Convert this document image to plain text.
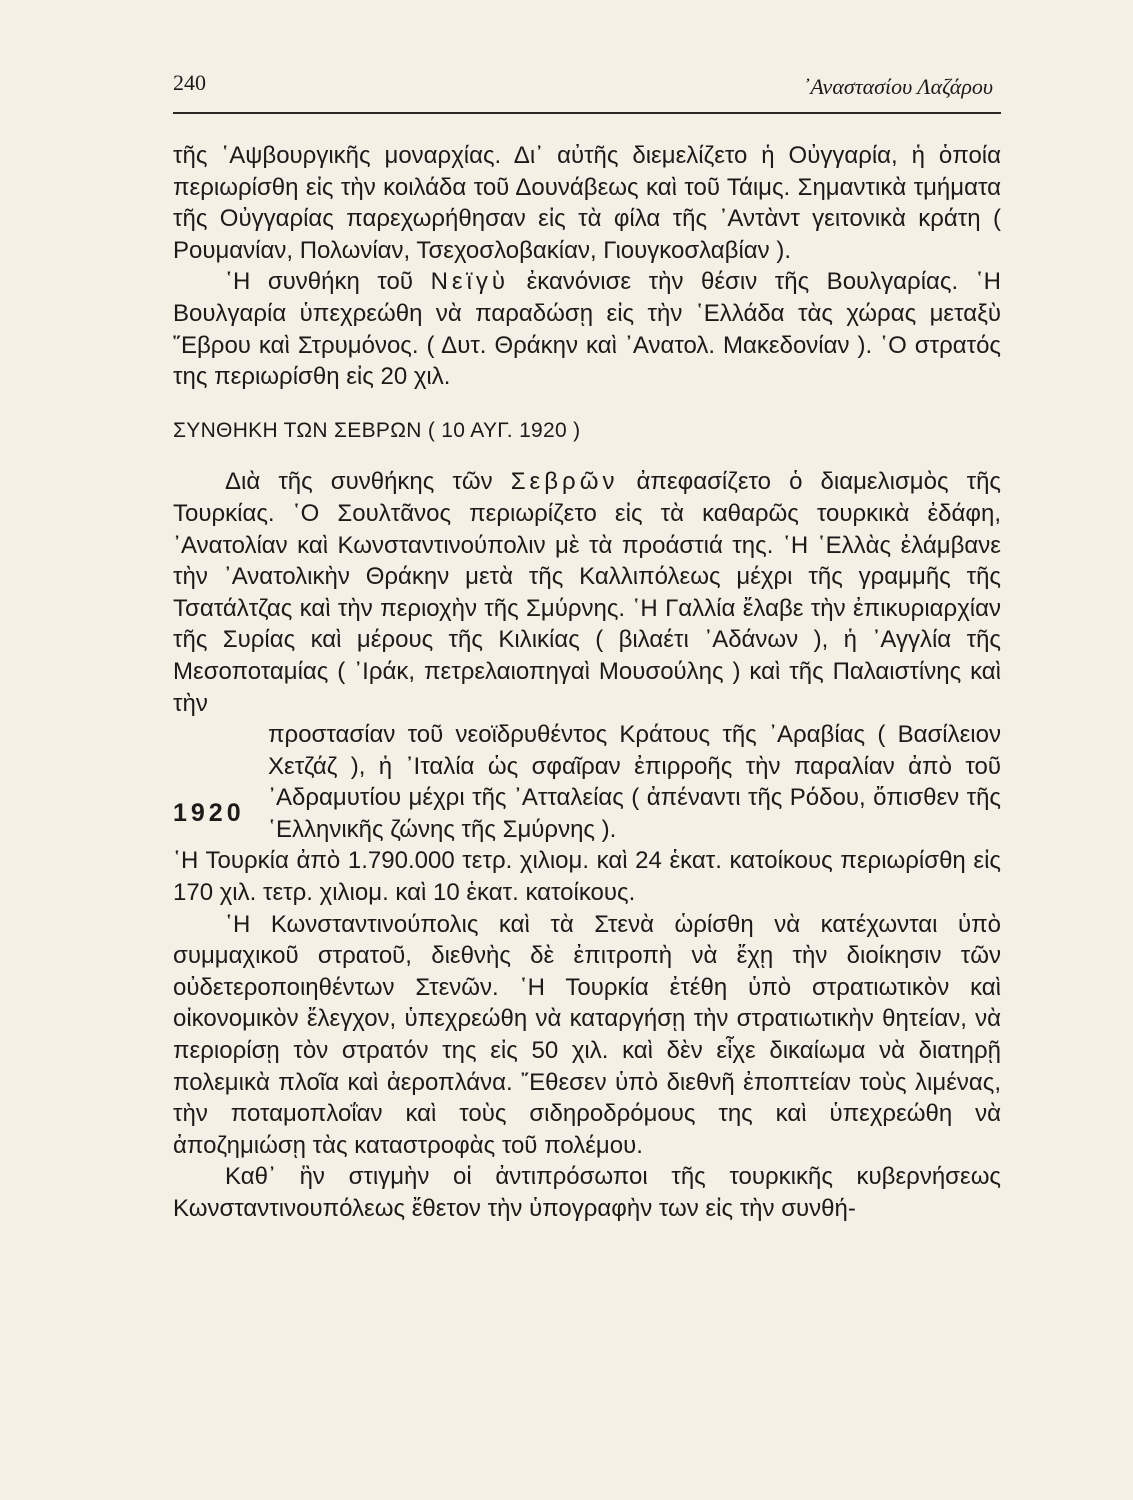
240	᾿Αναστασίου Λαζάρου

τῆς ῾Αψβουργικῆς μοναρχίας. Δι᾿ αὐτῆς διεμελίζετο ἡ Οὐγγαρία, ἡ ὁποία περιωρίσθη εἰς τὴν κοιλάδα τοῦ Δουνάβεως καὶ τοῦ Τάιμς. Σημαντικὰ τμήματα τῆς Οὐγγαρίας παρεχωρήθησαν εἰς τὰ φίλα τῆς ᾿Αντὰντ γειτονικὰ κράτη ( Ρουμανίαν, Πολωνίαν, Τσεχοσλοβακίαν, Γιουγκοσλαβίαν ).

῾Η συνθήκη τοῦ Νεϊγὺ ἐκανόνισε τὴν θέσιν τῆς Βουλγαρίας. ῾Η Βουλγαρία ὑπεχρεώθη νὰ παραδώσῃ εἰς τὴν ῾Ελλάδα τὰς χώρας μεταξὺ ῞Εβρου καὶ Στρυμόνος. ( Δυτ. Θράκην καὶ ᾿Ανατολ. Μακεδονίαν ). ῾Ο στρατός της περιωρίσθη εἰς 20 χιλ.

ΣΥΝΘΗΚΗ ΤΩΝ ΣΕΒΡΩΝ ( 10 ΑΥΓ. 1920 )

Διὰ τῆς συνθήκης τῶν Σεβρῶν ἀπεφασίζετο ὁ διαμελισμὸς τῆς Τουρκίας. ῾Ο Σουλτᾶνος περιωρίζετο εἰς τὰ καθαρῶς τουρκικὰ ἐδάφη, ᾿Ανατολίαν καὶ Κωνσταντινούπολιν μὲ τὰ προάστιά της. ῾Η ῾Ελλὰς ἐλάμβανε τὴν ᾿Ανατολικὴν Θράκην μετὰ τῆς Καλλιπόλεως μέχρι τῆς γραμμῆς τῆς Τσατάλτζας καὶ τὴν περιοχὴν τῆς Σμύρνης. ῾Η Γαλλία ἔλαβε τὴν ἐπικυριαρχίαν τῆς Συρίας καὶ μέρους τῆς Κιλικίας ( βιλαέτι ᾿Αδάνων ), ἡ ᾿Αγγλία τῆς Μεσοποταμίας ( ᾿Ιράκ, πετρελαιοπηγαὶ Μουσούλης ) καὶ τῆς Παλαιστίνης καὶ τὴν

1920

προστασίαν τοῦ νεοϊδρυθέντος Κράτους τῆς ᾿Αραβίας ( Βασίλειον Χετζάζ ), ἡ ᾿Ιταλία ὡς σφαῖραν ἐπιρροῆς τὴν παραλίαν ἀπὸ τοῦ ᾿Αδραμυτίου μέχρι τῆς ᾿Ατταλείας ( ἀπέναντι τῆς Ρόδου, ὄπισθεν τῆς ῾Ελληνικῆς ζώνης τῆς Σμύρνης ).

῾Η Τουρκία ἀπὸ 1.790.000 τετρ. χιλιομ. καὶ 24 ἑκατ. κατοίκους περιωρίσθη εἰς 170 χιλ. τετρ. χιλιομ. καὶ 10 ἑκατ. κατοίκους.

῾Η Κωνσταντινούπολις καὶ τὰ Στενὰ ὡρίσθη νὰ κατέχωνται ὑπὸ συμμαχικοῦ στρατοῦ, διεθνὴς δὲ ἐπιτροπὴ νὰ ἔχῃ τὴν διοίκησιν τῶν οὐδετεροποιηθέντων Στενῶν. ῾Η Τουρκία ἐτέθη ὑπὸ στρατιωτικὸν καὶ οἰκονομικὸν ἔλεγχον, ὑπεχρεώθη νὰ καταργήσῃ τὴν στρατιωτικὴν θητείαν, νὰ περιορίσῃ τὸν στρατόν της εἰς 50 χιλ. καὶ δὲν εἶχε δικαίωμα νὰ διατηρῇ πολεμικὰ πλοῖα καὶ ἀεροπλάνα. ῎Εθεσεν ὑπὸ διεθνῆ ἐποπτείαν τοὺς λιμένας, τὴν ποταμοπλοΐαν καὶ τοὺς σιδηροδρόμους της καὶ ὑπεχρεώθη νὰ ἀποζημιώσῃ τὰς καταστροφὰς τοῦ πολέμου.

Καθ᾿ ἣν στιγμὴν οἱ ἀντιπρόσωποι τῆς τουρκικῆς κυβερνήσεως Κωνσταντινουπόλεως ἔθετον τὴν ὑπογραφὴν των εἰς τὴν συνθή-
